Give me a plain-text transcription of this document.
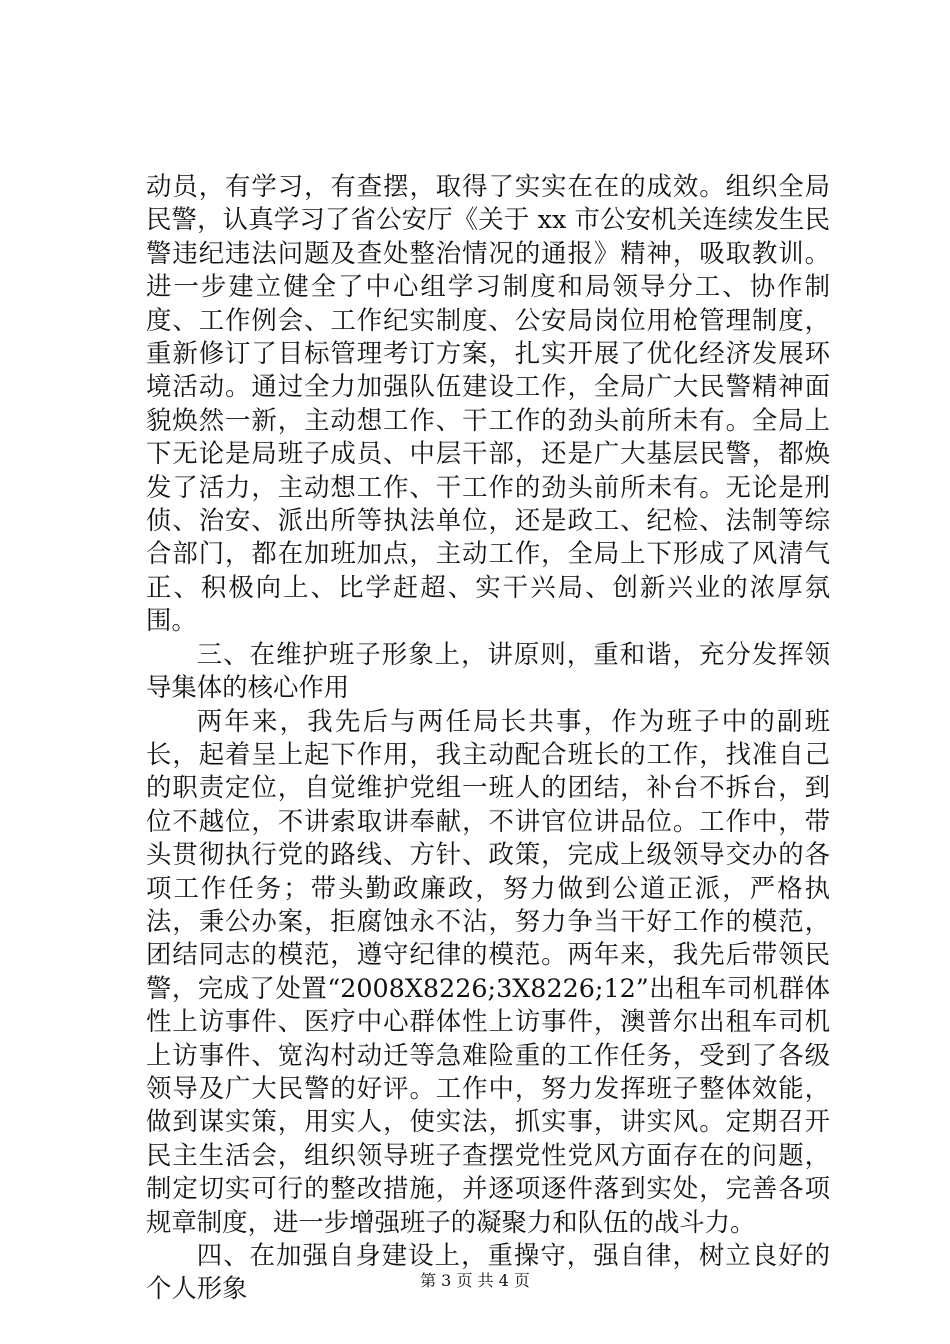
动员，有学习，有查摆，取得了实实在在的成效。组织全局民警，认真学习了省公安厅《关于 xx 市公安机关连续发生民警违纪违法问题及查处整治情况的通报》精神，吸取教训。进一步建立健全了中心组学习制度和局领导分工、协作制度、工作例会、工作纪实制度、公安局岗位用枪管理制度，重新修订了目标管理考订方案，扎实开展了优化经济发展环境活动。通过全力加强队伍建设工作，全局广大民警精神面貌焕然一新，主动想工作、干工作的劲头前所未有。全局上下无论是局班子成员、中层干部，还是广大基层民警，都焕发了活力，主动想工作、干工作的劲头前所未有。无论是刑侦、治安、派出所等执法单位，还是政工、纪检、法制等综合部门，都在加班加点，主动工作，全局上下形成了风清气正、积极向上、比学赶超、实干兴局、创新兴业的浓厚氛围。

三、在维护班子形象上，讲原则，重和谐，充分发挥领导集体的核心作用

两年来，我先后与两任局长共事，作为班子中的副班长，起着呈上起下作用，我主动配合班长的工作，找准自己的职责定位，自觉维护党组一班人的团结，补台不拆台，到位不越位，不讲索取讲奉献，不讲官位讲品位。工作中，带头贯彻执行党的路线、方针、政策，完成上级领导交办的各项工作任务；带头勤政廉政，努力做到公道正派，严格执法，秉公办案，拒腐蚀永不沾，努力争当干好工作的模范，团结同志的模范，遵守纪律的模范。两年来，我先后带领民警，完成了处置“2008X8226;3X8226;12”出租车司机群体性上访事件、医疗中心群体性上访事件，澳普尔出租车司机上访事件、宽沟村动迁等急难险重的工作任务，受到了各级领导及广大民警的好评。工作中，努力发挥班子整体效能，做到谋实策，用实人，使实法，抓实事，讲实风。定期召开民主生活会，组织领导班子查摆党性党风方面存在的问题，制定切实可行的整改措施，并逐项逐件落到实处，完善各项规章制度，进一步增强班子的凝聚力和队伍的战斗力。

四、在加强自身建设上，重操守，强自律，树立良好的个人形象	第 3 页 共 4 页
